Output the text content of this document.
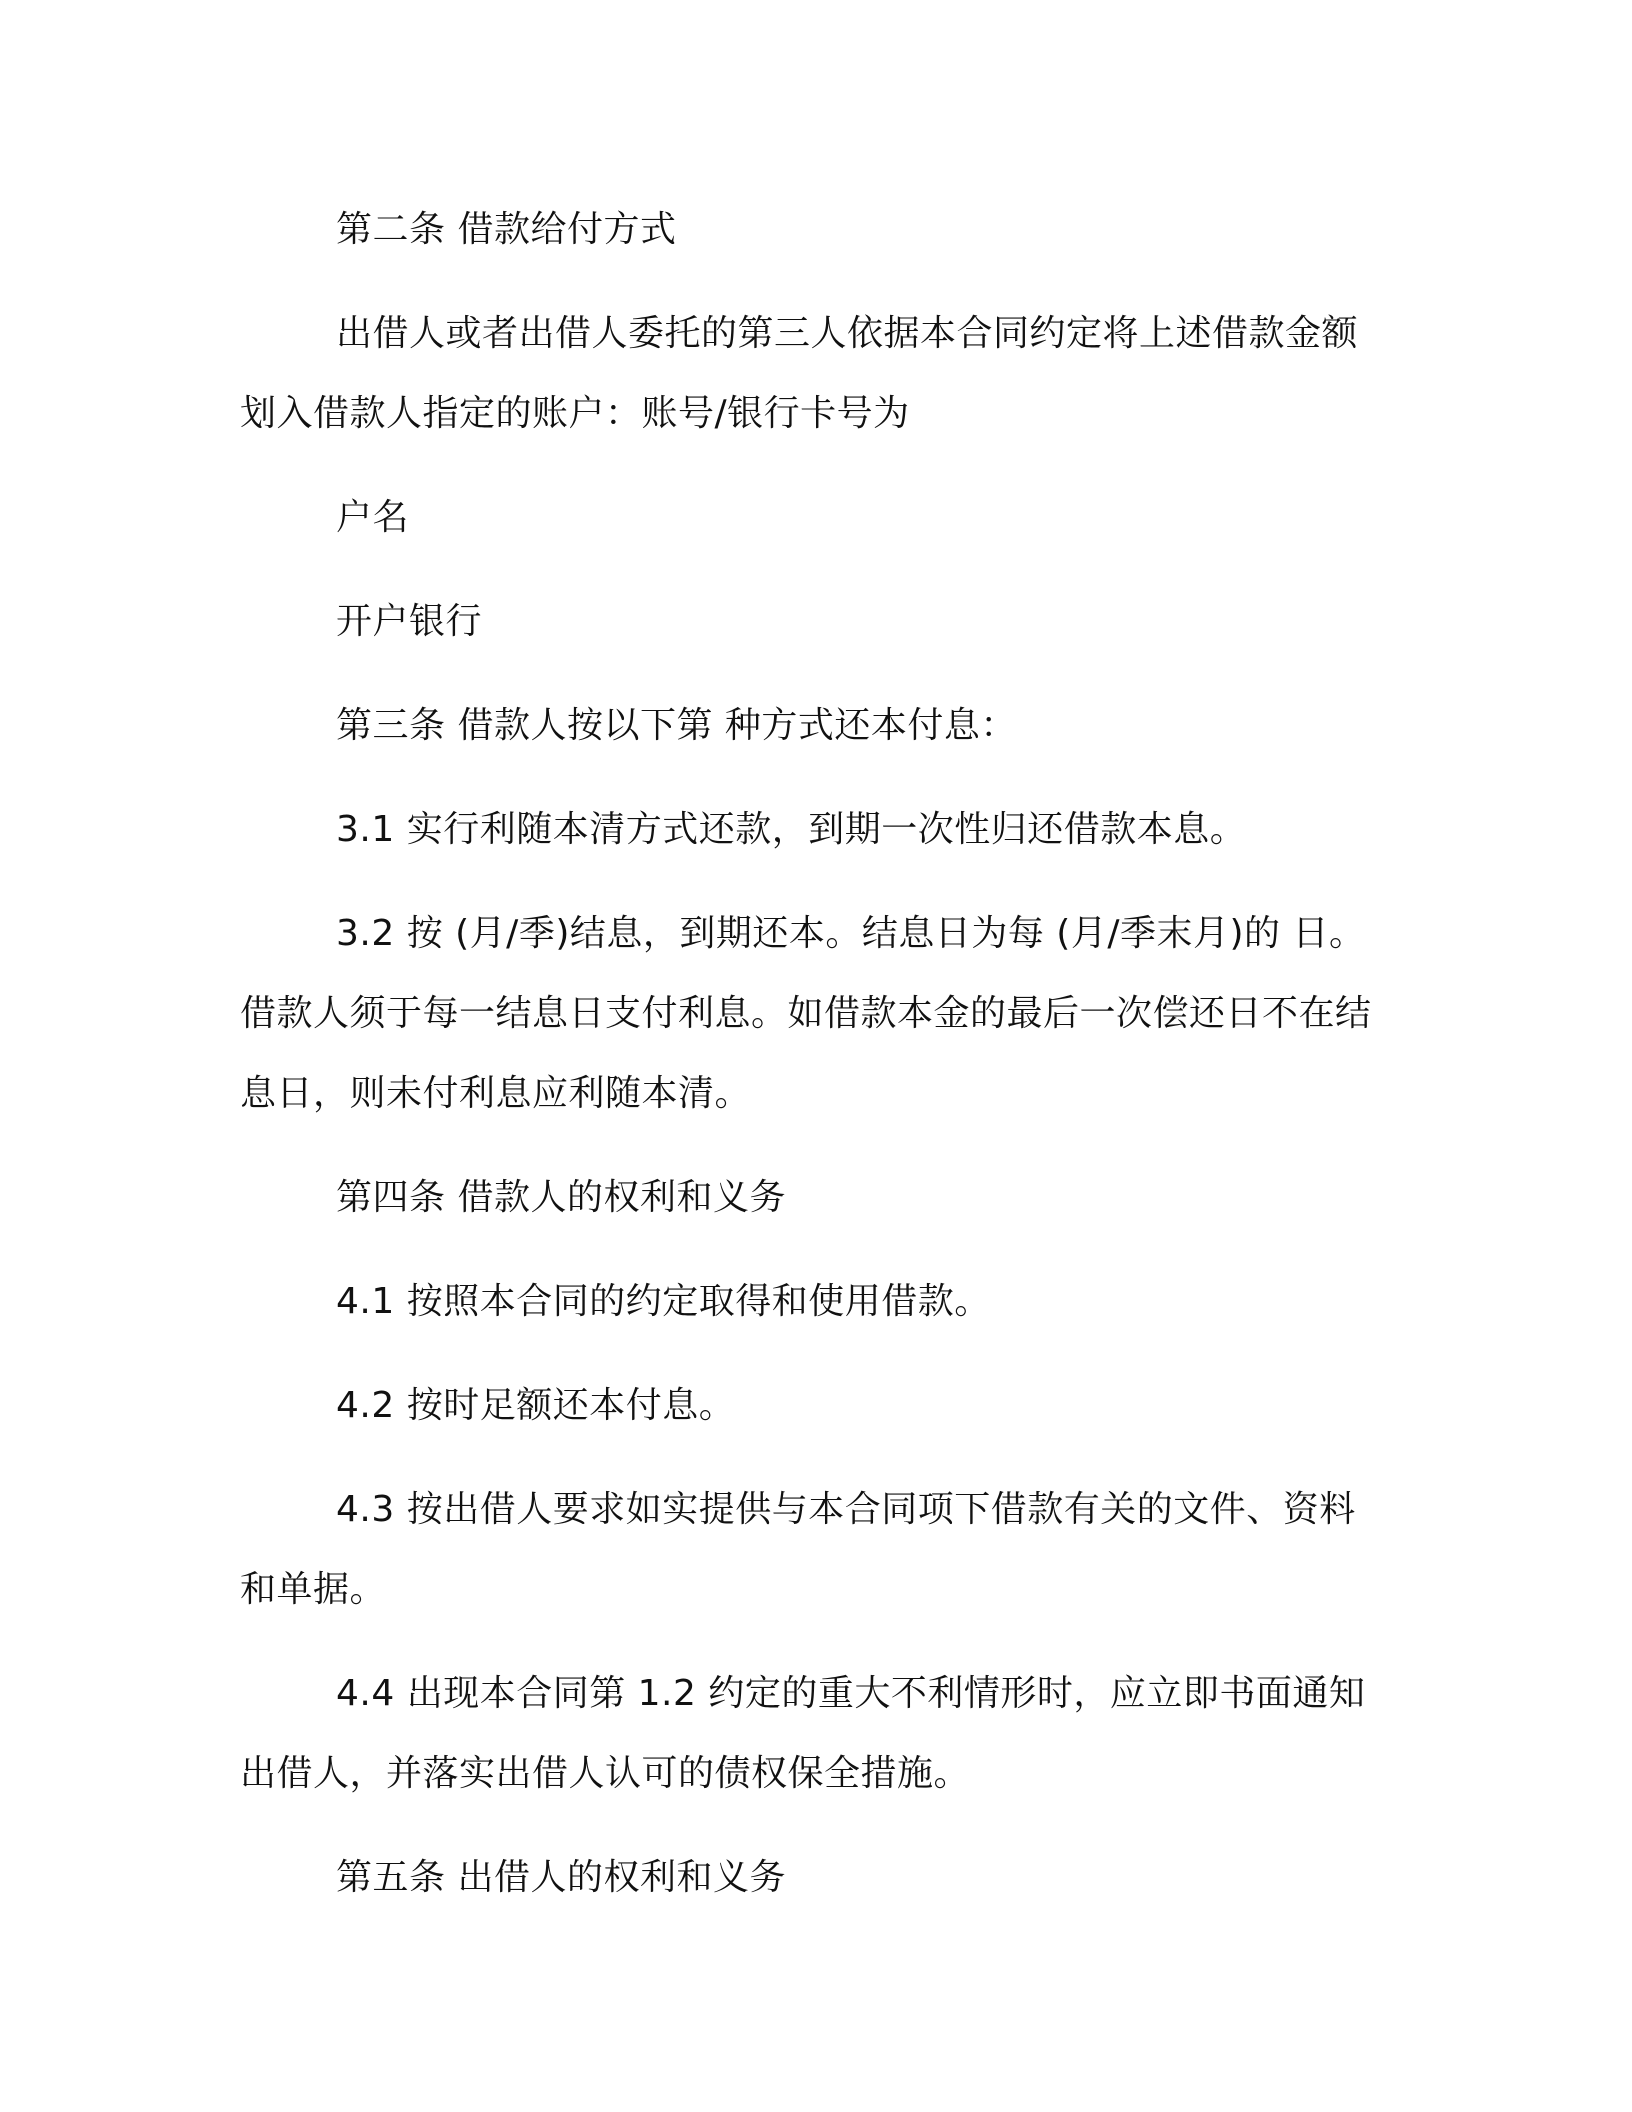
第二条 借款给付方式

出借人或者出借人委托的第三人依据本合同约定将上述借款金额划入借款人指定的账户：账号/银行卡号为

户名

开户银行

第三条 借款人按以下第 种方式还本付息：

3.1 实行利随本清方式还款，到期一次性归还借款本息。

3.2 按 (月/季)结息，到期还本。结息日为每 (月/季末月)的 日。借款人须于每一结息日支付利息。如借款本金的最后一次偿还日不在结息日，则未付利息应利随本清。

第四条 借款人的权利和义务

4.1 按照本合同的约定取得和使用借款。

4.2 按时足额还本付息。

4.3 按出借人要求如实提供与本合同项下借款有关的文件、资料和单据。

4.4 出现本合同第 1.2 约定的重大不利情形时，应立即书面通知出借人，并落实出借人认可的债权保全措施。

第五条 出借人的权利和义务
